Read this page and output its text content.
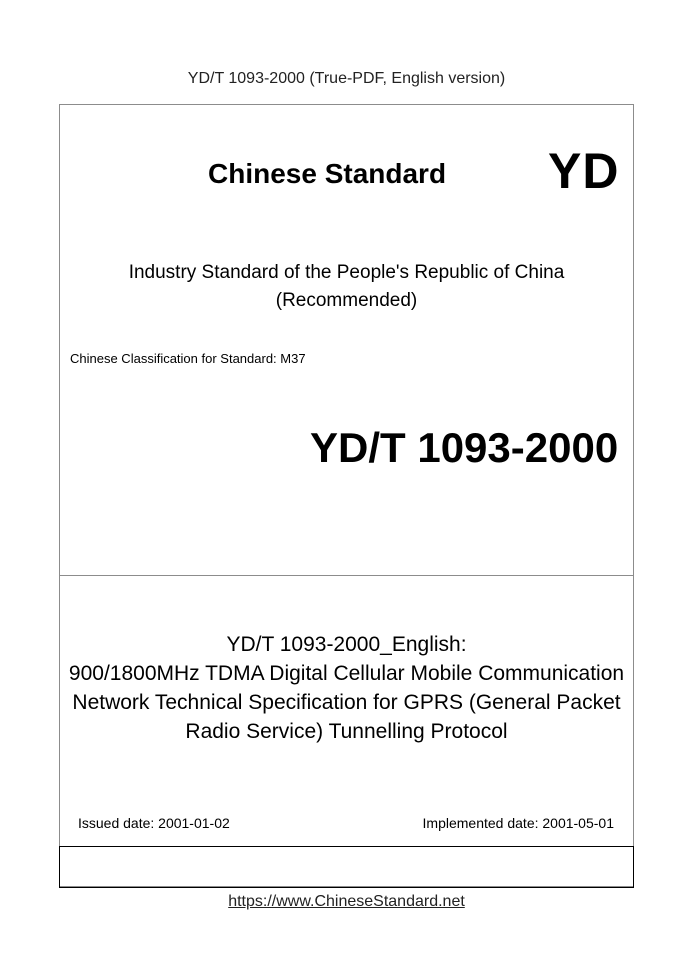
YD/T 1093-2000 (True-PDF, English version)
Chinese Standard YD
Industry Standard of the People's Republic of China
(Recommended)
Chinese Classification for Standard: M37
YD/T 1093-2000
YD/T 1093-2000_English:
900/1800MHz TDMA Digital Cellular Mobile Communication
Network Technical Specification for GPRS (General Packet
Radio Service) Tunnelling Protocol
Issued date: 2001-01-02	Implemented date: 2001-05-01
https://www.ChineseStandard.net
